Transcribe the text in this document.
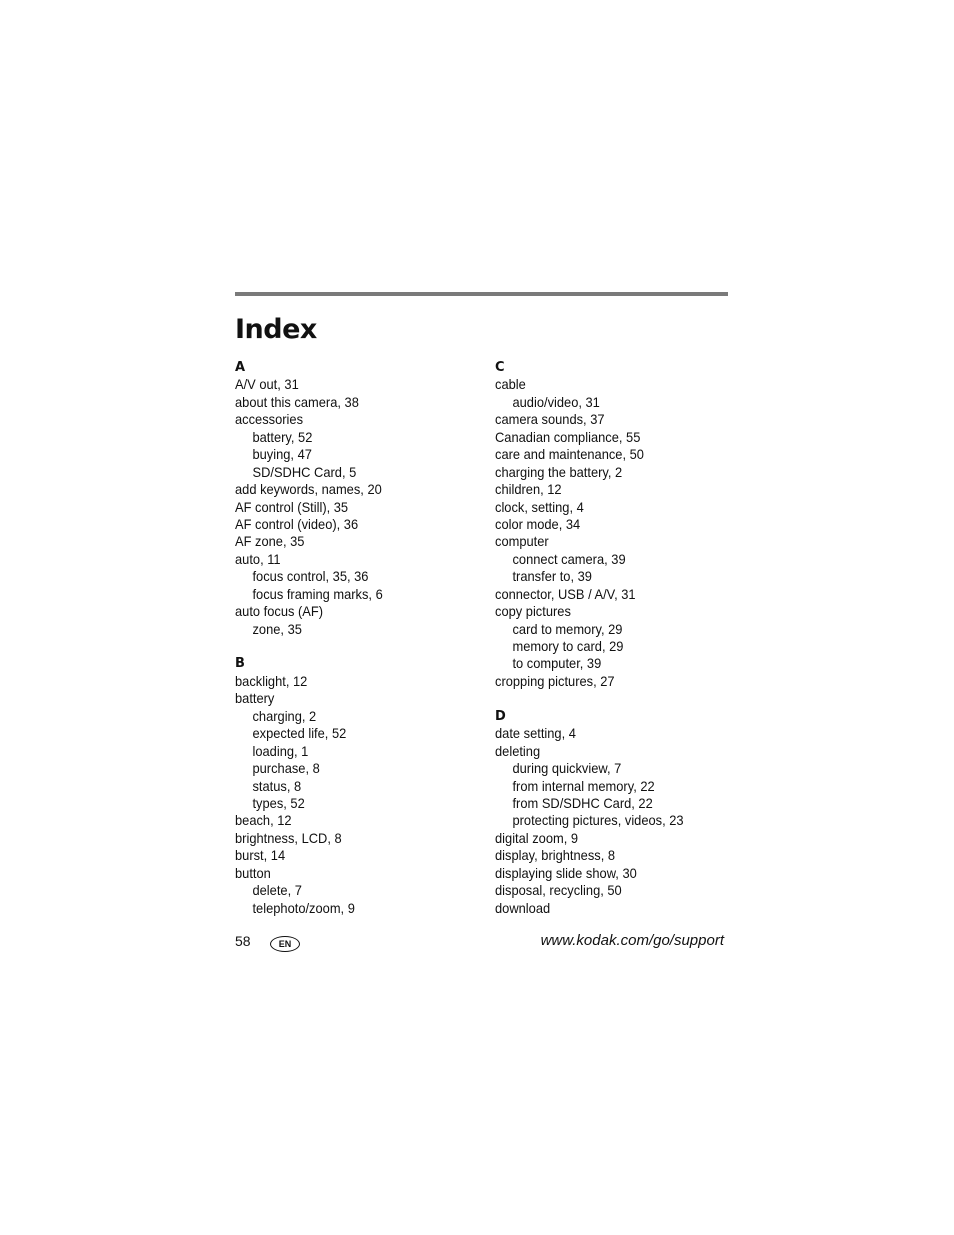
Index
A
A/V out, 31
about this camera, 38
accessories
battery, 52
buying, 47
SD/SDHC Card, 5
add keywords, names, 20
AF control (Still), 35
AF control (video), 36
AF zone, 35
auto, 11
focus control, 35, 36
focus framing marks, 6
auto focus (AF)
zone, 35
B
backlight, 12
battery
charging, 2
expected life, 52
loading, 1
purchase, 8
status, 8
types, 52
beach, 12
brightness, LCD, 8
burst, 14
button
delete, 7
telephoto/zoom, 9
C
cable
audio/video, 31
camera sounds, 37
Canadian compliance, 55
care and maintenance, 50
charging the battery, 2
children, 12
clock, setting, 4
color mode, 34
computer
connect camera, 39
transfer to, 39
connector, USB / A/V, 31
copy pictures
card to memory, 29
memory to card, 29
to computer, 39
cropping pictures, 27
D
date setting, 4
deleting
during quickview, 7
from internal memory, 22
from SD/SDHC Card, 22
protecting pictures, videos, 23
digital zoom, 9
display, brightness, 8
displaying slide show, 30
disposal, recycling, 50
download
58	EN	www.kodak.com/go/support
